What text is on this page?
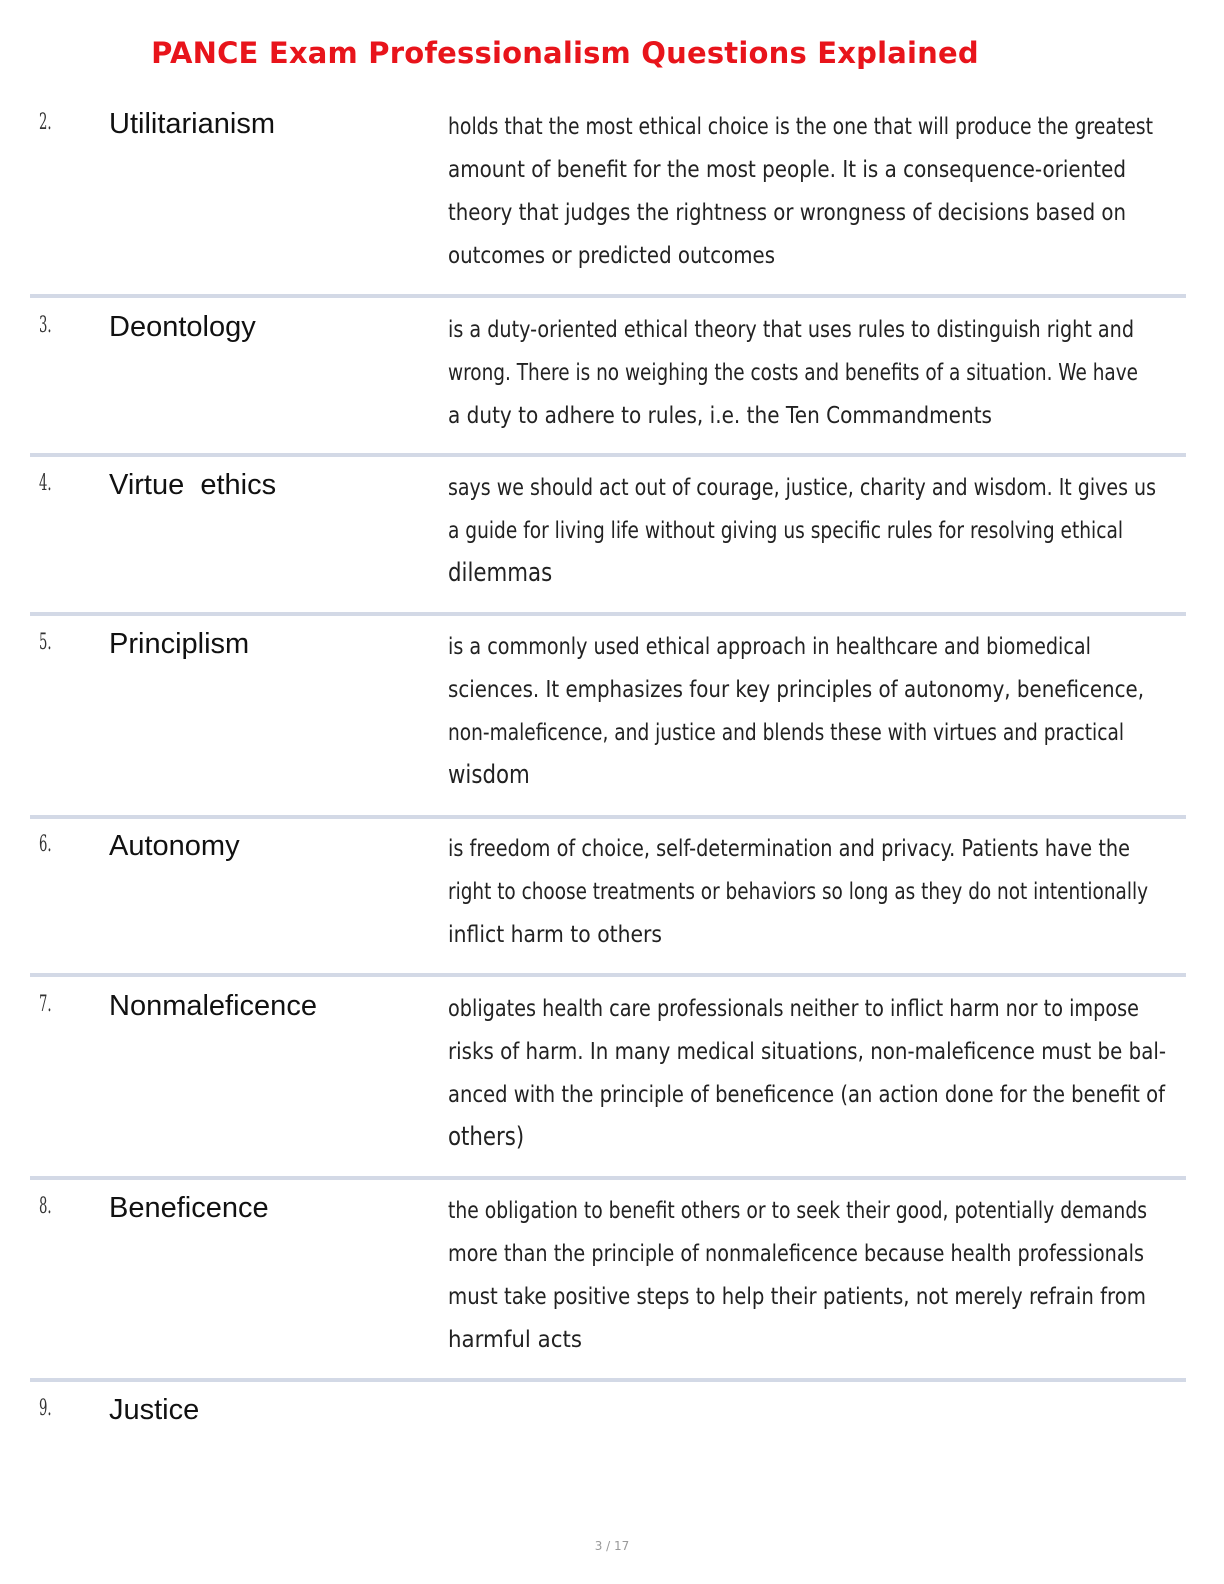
PANCE Exam Professionalism Questions Explained
2. Utilitarianism	holds that the most ethical choice is the one that will produce the greatest
amount of benefit for the most people. It is a consequence-oriented
theory that judges the rightness or wrongness of decisions based on
outcomes or predicted outcomes
3. Deontology	is a duty-oriented ethical theory that uses rules to distinguish right and
wrong. There is no weighing the costs and benefits of a situation. We have
a duty to adhere to rules, i.e. the Ten Commandments
4. Virtue  ethics	says we should act out of courage, justice, charity and wisdom. It gives us
a guide for living life without giving us specific rules for resolving ethical
dilemmas
5. Principlism	is a commonly used ethical approach in healthcare and biomedical
sciences. It emphasizes four key principles of autonomy, beneficence,
non-maleficence, and justice and blends these with virtues and practical
wisdom
6. Autonomy	is freedom of choice, self-determination and privacy. Patients have the
right to choose treatments or behaviors so long as they do not intentionally
inflict harm to others
7. Nonmaleficence	obligates health care professionals neither to inflict harm nor to impose
risks of harm. In many medical situations, non-maleficence must be bal-
anced with the principle of beneficence (an action done for the benefit of
others)
8. Beneficence	the obligation to benefit others or to seek their good, potentially demands
more than the principle of nonmaleficence because health professionals
must take positive steps to help their patients, not merely refrain from
harmful acts
9. Justice
3 / 17
